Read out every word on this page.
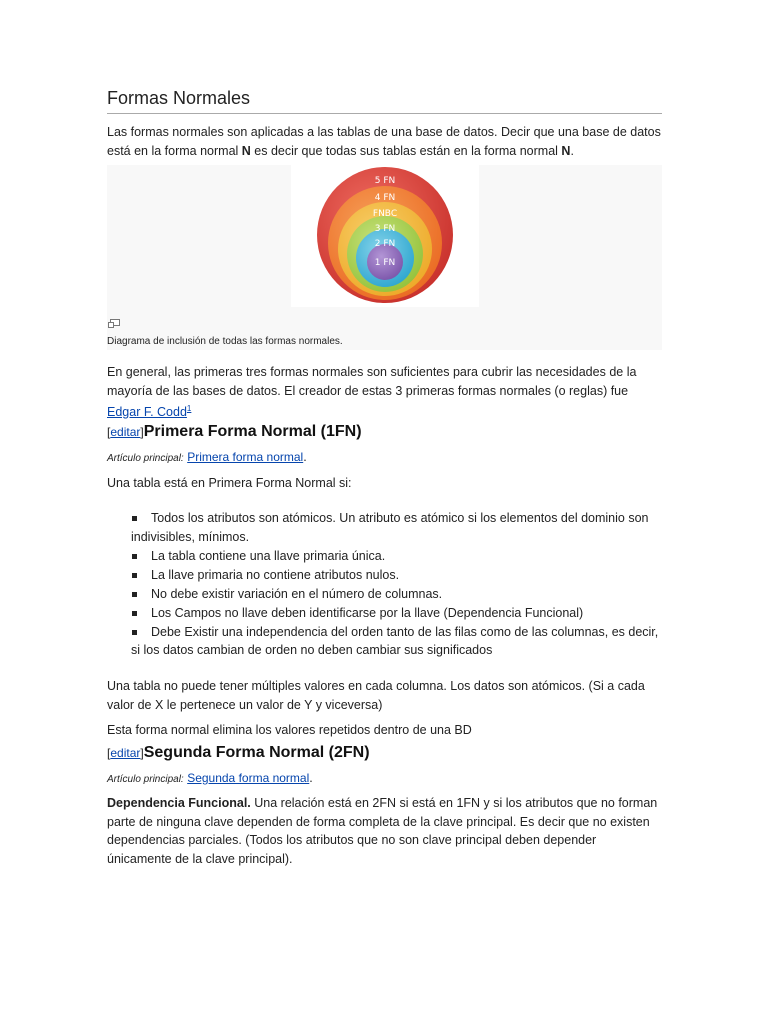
Formas Normales

Las formas normales son aplicadas a las tablas de una base de datos. Decir que una base de datos está en la forma normal N es decir que todas sus tablas están en la forma normal N.

5 FN
4 FN
FNBC
3 FN
2 FN
1 FN
Diagrama de inclusión de todas las formas normales.

En general, las primeras tres formas normales son suficientes para cubrir las necesidades de la mayoría de las bases de datos. El creador de estas 3 primeras formas normales (o reglas) fue Edgar F. Codd$^1$

[editar]Primera Forma Normal (1FN)

Artículo principal: Primera forma normal.

Una tabla está en Primera Forma Normal si:

Todos los atributos son atómicos. Un atributo es atómico si los elementos del dominio son indivisibles, mínimos.
La tabla contiene una llave primaria única.
La llave primaria no contiene atributos nulos.
No debe existir variación en el número de columnas.
Los Campos no llave deben identificarse por la llave (Dependencia Funcional)
Debe Existir una independencia del orden tanto de las filas como de las columnas, es decir, si los datos cambian de orden no deben cambiar sus significados

Una tabla no puede tener múltiples valores en cada columna. Los datos son atómicos. (Si a cada valor de X le pertenece un valor de Y y viceversa)

Esta forma normal elimina los valores repetidos dentro de una BD

[editar]Segunda Forma Normal (2FN)

Artículo principal: Segunda forma normal.

Dependencia Funcional. Una relación está en 2FN si está en 1FN y si los atributos que no forman parte de ninguna clave dependen de forma completa de la clave principal. Es decir que no existen dependencias parciales. (Todos los atributos que no son clave principal deben depender únicamente de la clave principal).
